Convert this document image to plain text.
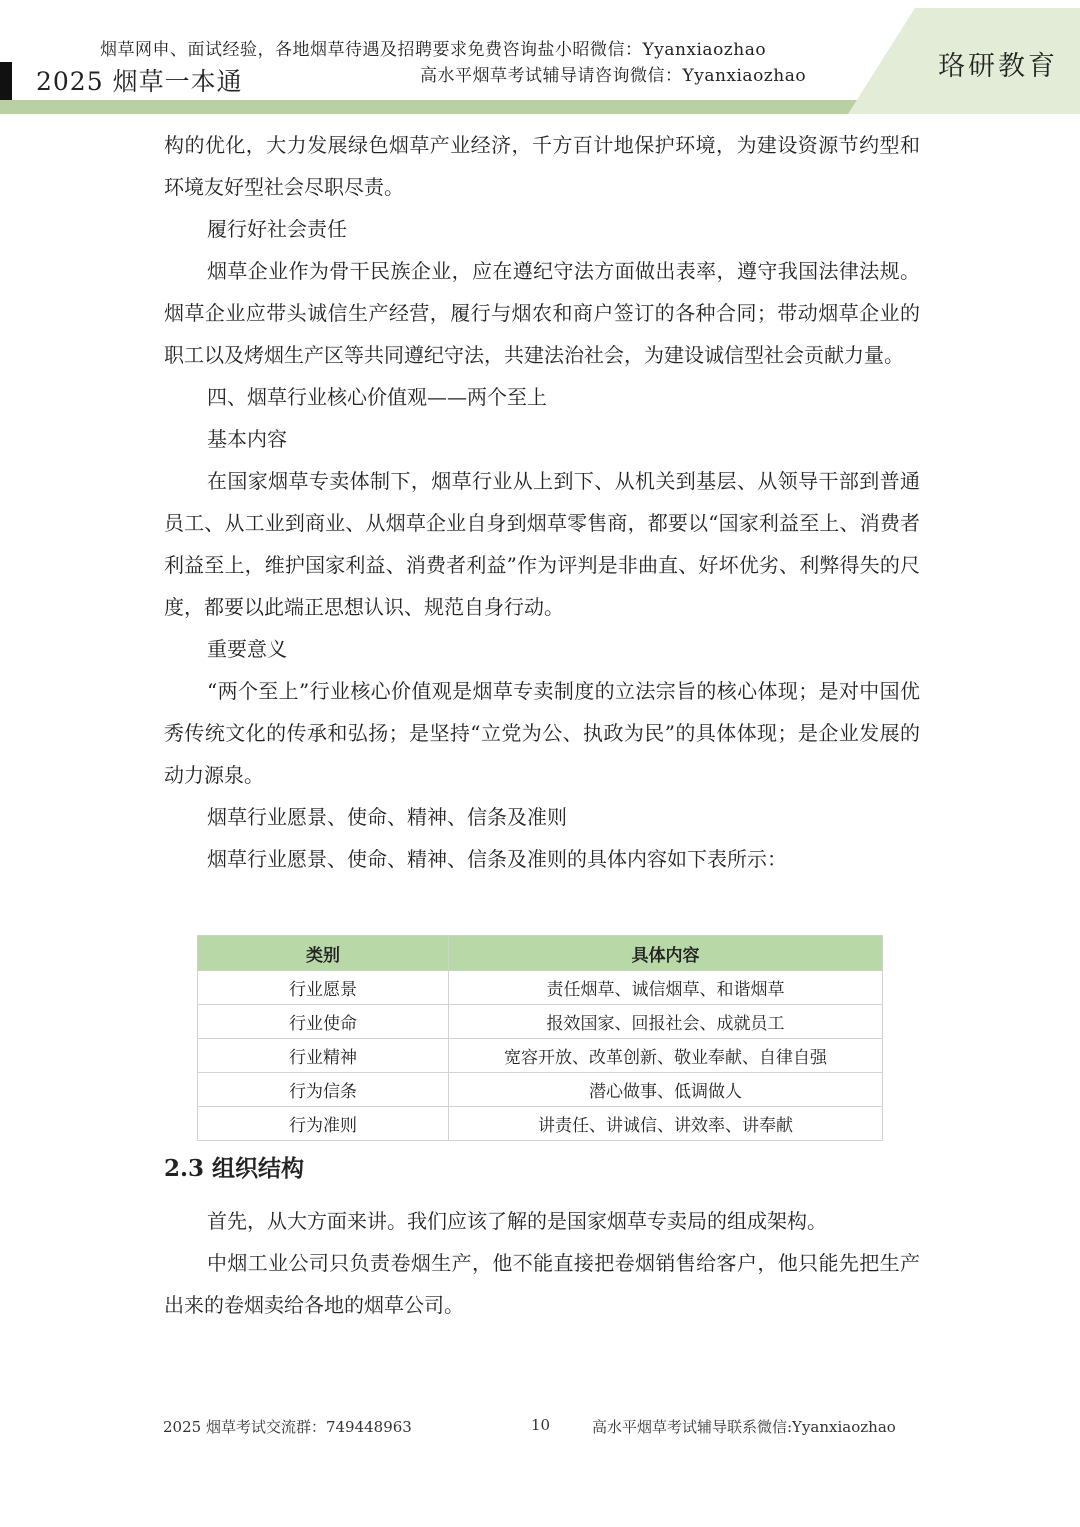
2025 烟草一本通
烟草网申、面试经验，各地烟草待遇及招聘要求免费咨询盐小昭微信：Yyanxiaozhao
高水平烟草考试辅导请咨询微信：Yyanxiaozhao	珞研教育

构的优化，大力发展绿色烟草产业经济，千方百计地保护环境，为建设资源节约型和环境友好型社会尽职尽责。

履行好社会责任

烟草企业作为骨干民族企业，应在遵纪守法方面做出表率，遵守我国法律法规。烟草企业应带头诚信生产经营，履行与烟农和商户签订的各种合同；带动烟草企业的职工以及烤烟生产区等共同遵纪守法，共建法治社会，为建设诚信型社会贡献力量。

四、烟草行业核心价值观——两个至上

基本内容

在国家烟草专卖体制下，烟草行业从上到下、从机关到基层、从领导干部到普通员工、从工业到商业、从烟草企业自身到烟草零售商，都要以“国家利益至上、消费者利益至上，维护国家利益、消费者利益”作为评判是非曲直、好坏优劣、利弊得失的尺度，都要以此端正思想认识、规范自身行动。

重要意义

“两个至上”行业核心价值观是烟草专卖制度的立法宗旨的核心体现；是对中国优秀传统文化的传承和弘扬；是坚持“立党为公、执政为民”的具体体现；是企业发展的动力源泉。

烟草行业愿景、使命、精神、信条及准则

烟草行业愿景、使命、精神、信条及准则的具体内容如下表所示：

类别	具体内容
行业愿景	责任烟草、诚信烟草、和谐烟草
行业使命	报效国家、回报社会、成就员工
行业精神	宽容开放、改革创新、敬业奉献、自律自强
行为信条	潜心做事、低调做人
行为准则	讲责任、讲诚信、讲效率、讲奉献
2.3 组织结构

首先，从大方面来讲。我们应该了解的是国家烟草专卖局的组成架构。

中烟工业公司只负责卷烟生产，他不能直接把卷烟销售给客户，他只能先把生产出来的卷烟卖给各地的烟草公司。

2025 烟草考试交流群：749448963	10	高水平烟草考试辅导联系微信:Yyanxiaozhao
